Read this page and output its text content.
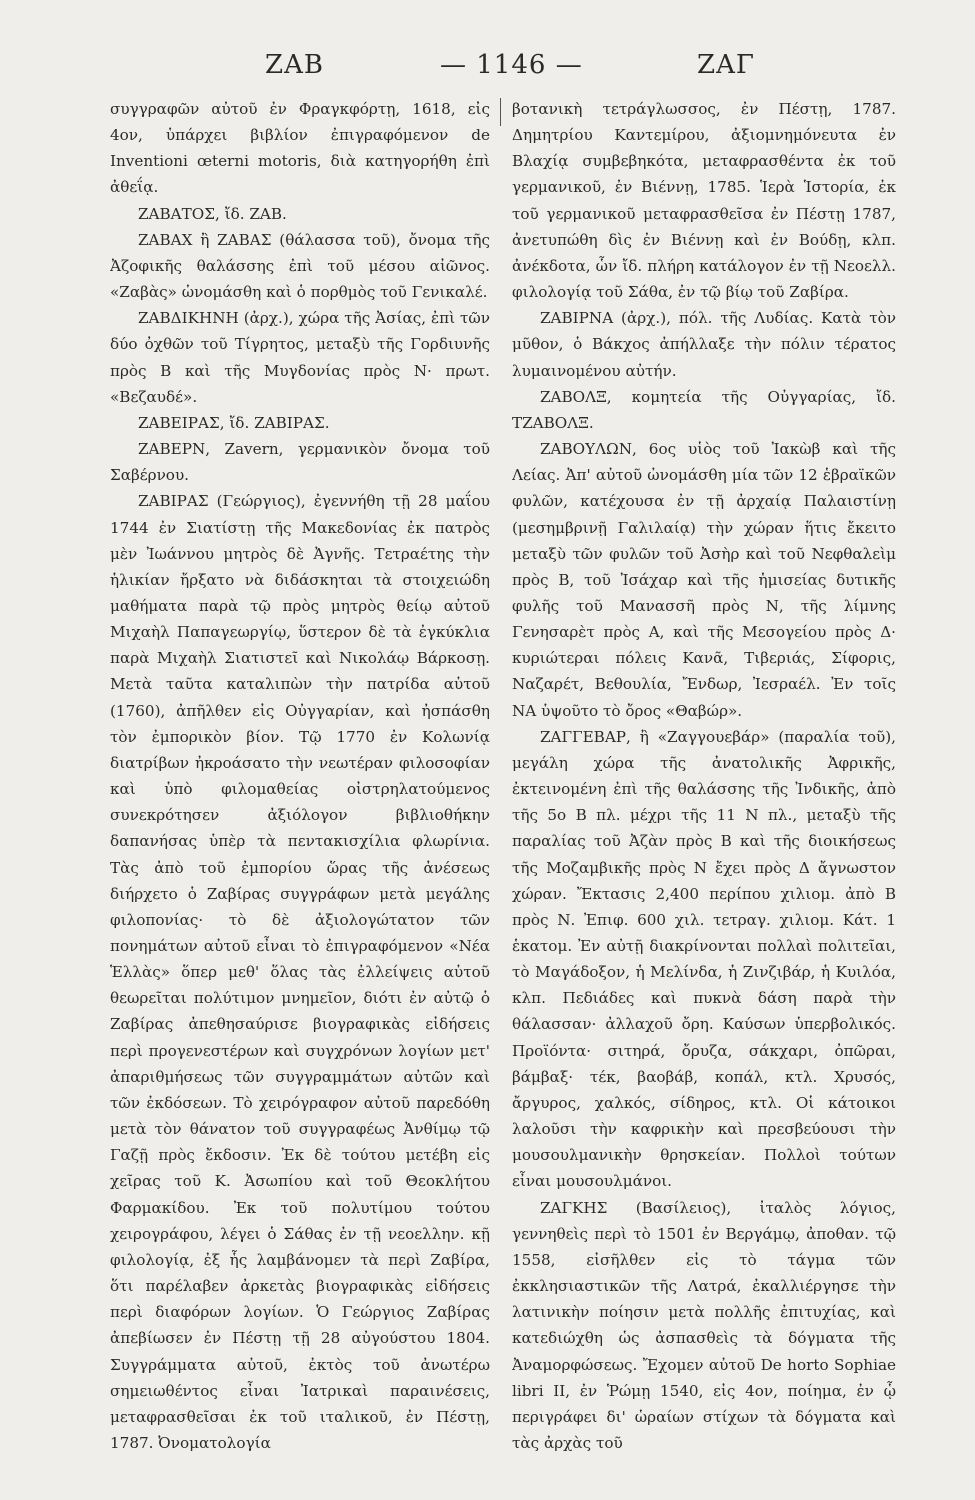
ΖΑΒ	— 1146 —	ΖΑΓ

συγγραφῶν αὐτοῦ ἐν Φραγκφόρτῃ, 1618, εἰς 4ον, ὑπάρχει βιβλίον ἐπιγραφόμενον de Inventioni œterni motoris, διὰ κατηγορήθη ἐπὶ ἀθεΐᾳ.

ΖΑΒΑΤΟΣ, ἴδ. ΖΑΒ.

ΖΑΒΑΧ ἢ ΖΑΒΑΣ (θάλασσα τοῦ), ὄνομα τῆς Ἀζοφικῆς θαλάσσης ἐπὶ τοῦ μέσου αἰῶνος. «Ζαβὰς» ὠνομάσθη καὶ ὁ πορθμὸς τοῦ Γενικαλέ.

ΖΑΒΔΙΚΗΝΗ (ἀρχ.), χώρα τῆς Ἀσίας, ἐπὶ τῶν δύο ὀχθῶν τοῦ Τίγρητος, μεταξὺ τῆς Γορδιυνῆς πρὸς Β καὶ τῆς Μυγδονίας πρὸς Ν· πρωτ. «Βεζαυδέ».

ΖΑΒΕΙΡΑΣ, ἴδ. ΖΑΒΙΡΑΣ.

ΖΑΒΕΡΝ, Zavern, γερμανικὸν ὄνομα τοῦ Σαβέρνου.

ΖΑΒΙΡΑΣ (Γεώργιος), ἐγεννήθη τῇ 28 μαΐου 1744 ἐν Σιατίστῃ τῆς Μακεδονίας ἐκ πατρὸς μὲν Ἰωάννου μητρὸς δὲ Ἀγνῆς. Τετραέτης τὴν ἡλικίαν ἤρξατο νὰ διδάσκηται τὰ στοιχειώδη μαθήματα παρὰ τῷ πρὸς μητρὸς θείῳ αὐτοῦ Μιχαὴλ Παπαγεωργίῳ, ὕστερον δὲ τὰ ἐγκύκλια παρὰ Μιχαὴλ Σιατιστεῖ καὶ Νικολάῳ Βάρκοσῃ. Μετὰ ταῦτα καταλιπὼν τὴν πατρίδα αὐτοῦ (1760), ἀπῆλθεν εἰς Οὐγγαρίαν, καὶ ἠσπάσθη τὸν ἐμπορικὸν βίον. Τῷ 1770 ἐν Κολωνίᾳ διατρίβων ἠκροάσατο τὴν νεωτέραν φιλοσοφίαν καὶ ὑπὸ φιλομαθείας οἰστρηλατούμενος συνεκρότησεν ἀξιόλογον βιβλιοθήκην δαπανήσας ὑπὲρ τὰ πεντακισχίλια φλωρίνια. Τὰς ἀπὸ τοῦ ἐμπορίου ὥρας τῆς ἀνέσεως διήρχετο ὁ Ζαβίρας συγγράφων μετὰ μεγάλης φιλοπονίας· τὸ δὲ ἀξιολογώτατον τῶν πονημάτων αὐτοῦ εἶναι τὸ ἐπιγραφόμενον «Νέα Ἑλλὰς» ὅπερ μεθ' ὅλας τὰς ἐλλείψεις αὐτοῦ θεωρεῖται πολύτιμον μνημεῖον, διότι ἐν αὐτῷ ὁ Ζαβίρας ἀπεθησαύρισε βιογραφικὰς εἰδήσεις περὶ προγενεστέρων καὶ συγχρόνων λογίων μετ' ἀπαριθμήσεως τῶν συγγραμμάτων αὐτῶν καὶ τῶν ἐκδόσεων. Τὸ χειρόγραφον αὐτοῦ παρεδόθη μετὰ τὸν θάνατον τοῦ συγγραφέως Ἀνθίμῳ τῷ Γαζῇ πρὸς ἔκδοσιν. Ἐκ δὲ τούτου μετέβη εἰς χεῖρας τοῦ Κ. Ἀσωπίου καὶ τοῦ Θεοκλήτου Φαρμακίδου. Ἐκ τοῦ πολυτίμου τούτου χειρογράφου, λέγει ὁ Σάθας ἐν τῇ νεοελλην. κῇ φιλολογίᾳ, ἐξ ἧς λαμβάνομεν τὰ περὶ Ζαβίρα, ὅτι παρέλαβεν ἀρκετὰς βιογραφικὰς εἰδήσεις περὶ διαφόρων λογίων. Ὁ Γεώργιος Ζαβίρας ἀπεβίωσεν ἐν Πέστῃ τῇ 28 αὐγούστου 1804. Συγγράμματα αὐτοῦ, ἐκτὸς τοῦ ἀνωτέρω σημειωθέντος εἶναι Ἰατρικαὶ παραινέσεις, μεταφρασθεῖσαι ἐκ τοῦ ιταλικοῦ, ἐν Πέστῃ, 1787. Ὀνοματολογία

βοτανικὴ τετράγλωσσος, ἐν Πέστῃ, 1787. Δημητρίου Καντεμίρου, ἀξιομνημόνευτα ἐν Βλαχίᾳ συμβεβηκότα, μεταφρασθέντα ἐκ τοῦ γερμανικοῦ, ἐν Βιέννῃ, 1785. Ἱερὰ Ἱστορία, ἐκ τοῦ γερμανικοῦ μεταφρασθεῖσα ἐν Πέστῃ 1787, ἀνετυπώθη δὶς ἐν Βιέννῃ καὶ ἐν Βούδῃ, κλπ. ἀνέκδοτα, ὧν ἴδ. πλήρη κατάλογον ἐν τῇ Νεοελλ. φιλολογίᾳ τοῦ Σάθα, ἐν τῷ βίῳ τοῦ Ζαβίρα.

ΖΑΒΙΡΝΑ (ἀρχ.), πόλ. τῆς Λυδίας. Κατὰ τὸν μῦθον, ὁ Βάκχος ἀπήλλαξε τὴν πόλιν τέρατος λυμαινομένου αὐτήν.

ΖΑΒΟΛΞ, κομητεία τῆς Οὐγγαρίας, ἴδ. ΤΖΑΒΟΛΞ.

ΖΑΒΟΥΛΩΝ, 6ος υἱὸς τοῦ Ἰακὼβ καὶ τῆς Λείας. Ἀπ' αὐτοῦ ὠνομάσθη μία τῶν 12 ἑβραϊκῶν φυλῶν, κατέχουσα ἐν τῇ ἀρχαίᾳ Παλαιστίνῃ (μεσημβρινῇ Γαλιλαίᾳ) τὴν χώραν ἥτις ἔκειτο μεταξὺ τῶν φυλῶν τοῦ Ἀσὴρ καὶ τοῦ Νεφθαλεὶμ πρὸς Β, τοῦ Ἰσάχαρ καὶ τῆς ἡμισείας δυτικῆς φυλῆς τοῦ Μανασσῆ πρὸς Ν, τῆς λίμνης Γενησαρὲτ πρὸς Α, καὶ τῆς Μεσογείου πρὸς Δ· κυριώτεραι πόλεις Κανᾶ, Τιβεριάς, Σίφορις, Ναζαρέτ, Βεθουλία, Ἔνδωρ, Ἰεσραέλ. Ἐν τοῖς ΝΑ ὑψοῦτο τὸ ὄρος «Θαβώρ».

ΖΑΓΓΕΒΑΡ, ἢ «Ζαγγουεβάρ» (παραλία τοῦ), μεγάλη χώρα τῆς ἀνατολικῆς Ἀφρικῆς, ἐκτεινομένη ἐπὶ τῆς θαλάσσης τῆς Ἰνδικῆς, ἀπὸ τῆς 5ο Β πλ. μέχρι τῆς 11 Ν πλ., μεταξὺ τῆς παραλίας τοῦ Ἀζὰν πρὸς Β καὶ τῆς διοικήσεως τῆς Μοζαμβικῆς πρὸς Ν ἔχει πρὸς Δ ἄγνωστον χώραν. Ἔκτασις 2,400 περίπου χιλιομ. ἀπὸ Β πρὸς Ν. Ἐπιφ. 600 χιλ. τετραγ. χιλιομ. Κάτ. 1 ἑκατομ. Ἐν αὐτῇ διακρίνονται πολλαὶ πολιτεῖαι, τὸ Μαγάδοξον, ἡ Μελίνδα, ἡ Ζινζιβάρ, ἡ Κυιλόα, κλπ. Πεδιάδες καὶ πυκνὰ δάση παρὰ τὴν θάλασσαν· ἀλλαχοῦ ὄρη. Καύσων ὑπερβολικός. Προϊόντα· σιτηρά, ὄρυζα, σάκχαρι, ὀπῶραι, βάμβαξ· τέκ, βαοβάβ, κοπάλ, κτλ. Χρυσός, ἄργυρος, χαλκός, σίδηρος, κτλ. Οἱ κάτοικοι λαλοῦσι τὴν καφρικὴν καὶ πρεσβεύουσι τὴν μουσουλμανικὴν θρησκείαν. Πολλοὶ τούτων εἶναι μουσουλμάνοι.

ΖΑΓΚΗΣ (Βασίλειος), ἰταλὸς λόγιος, γεννηθεὶς περὶ τὸ 1501 ἐν Βεργάμῳ, ἀποθαν. τῷ 1558, εἰσῆλθεν εἰς τὸ τάγμα τῶν ἐκκλησιαστικῶν τῆς Λατρά, ἐκαλλιέργησε τὴν λατινικὴν ποίησιν μετὰ πολλῆς ἐπιτυχίας, καὶ κατεδιώχθη ὡς ἀσπασθεὶς τὰ δόγματα τῆς Ἀναμορφώσεως. Ἔχομεν αὐτοῦ De horto Sophiae libri II, ἐν Ῥώμῃ 1540, εἰς 4ον, ποίημα, ἐν ᾧ περιγράφει δι' ὡραίων στίχων τὰ δόγματα καὶ τὰς ἀρχὰς τοῦ
